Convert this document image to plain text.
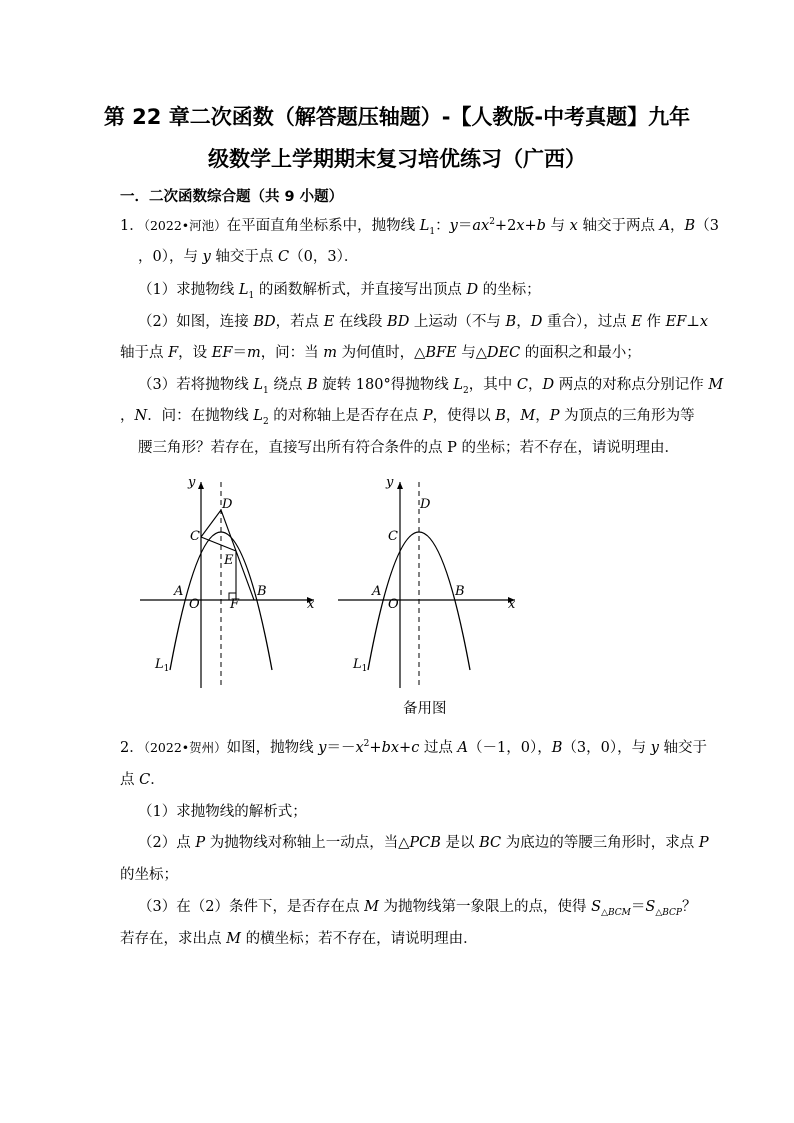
第 22 章二次函数（解答题压轴题）-【人教版-中考真题】九年
级数学上学期期末复习培优练习（广西）
一．二次函数综合题（共 9 小题）
1．（2022•河池）在平面直角坐标系中，抛物线 $L_1$：$y=ax^2+2x+b$ 与 x 轴交于两点 A，B（3
，0），与 y 轴交于点 C（0，3）．
（1）求抛物线 $L_1$ 的函数解析式，并直接写出顶点 D 的坐标；
（2）如图，连接 BD，若点 E 在线段 BD 上运动（不与 B，D 重合），过点 E 作 EF⊥x
轴于点 F，设 EF＝m，问：当 m 为何值时，△BFE 与△DEC 的面积之和最小；
（3）若将抛物线 $L_1$ 绕点 B 旋转 180°得抛物线 $L_2$，其中 C，D 两点的对称点分别记作 M
，N．问：在抛物线 $L_2$ 的对称轴上是否存在点 P，使得以 B，M，P 为顶点的三角形为等
腰三角形？若存在，直接写出所有符合条件的点 P 的坐标；若不存在，请说明理由．
y
x
D
C
E
A
O F
B
$L_1$
y
x
D
C
A
O
B
$L_1$
备用图
2．（2022•贺州）如图，抛物线 $y=-x^2+bx+c$ 过点 A（－1，0），B（3，0），与 y 轴交于
点 C．
（1）求抛物线的解析式；
（2）点 P 为抛物线对称轴上一动点，当△PCB 是以 BC 为底边的等腰三角形时，求点 P
的坐标；
（3）在（2）条件下，是否存在点 M 为抛物线第一象限上的点，使得 $S_{\triangle BCM}=S_{\triangle BCP}$？
若存在，求出点 M 的横坐标；若不存在，请说明理由．
